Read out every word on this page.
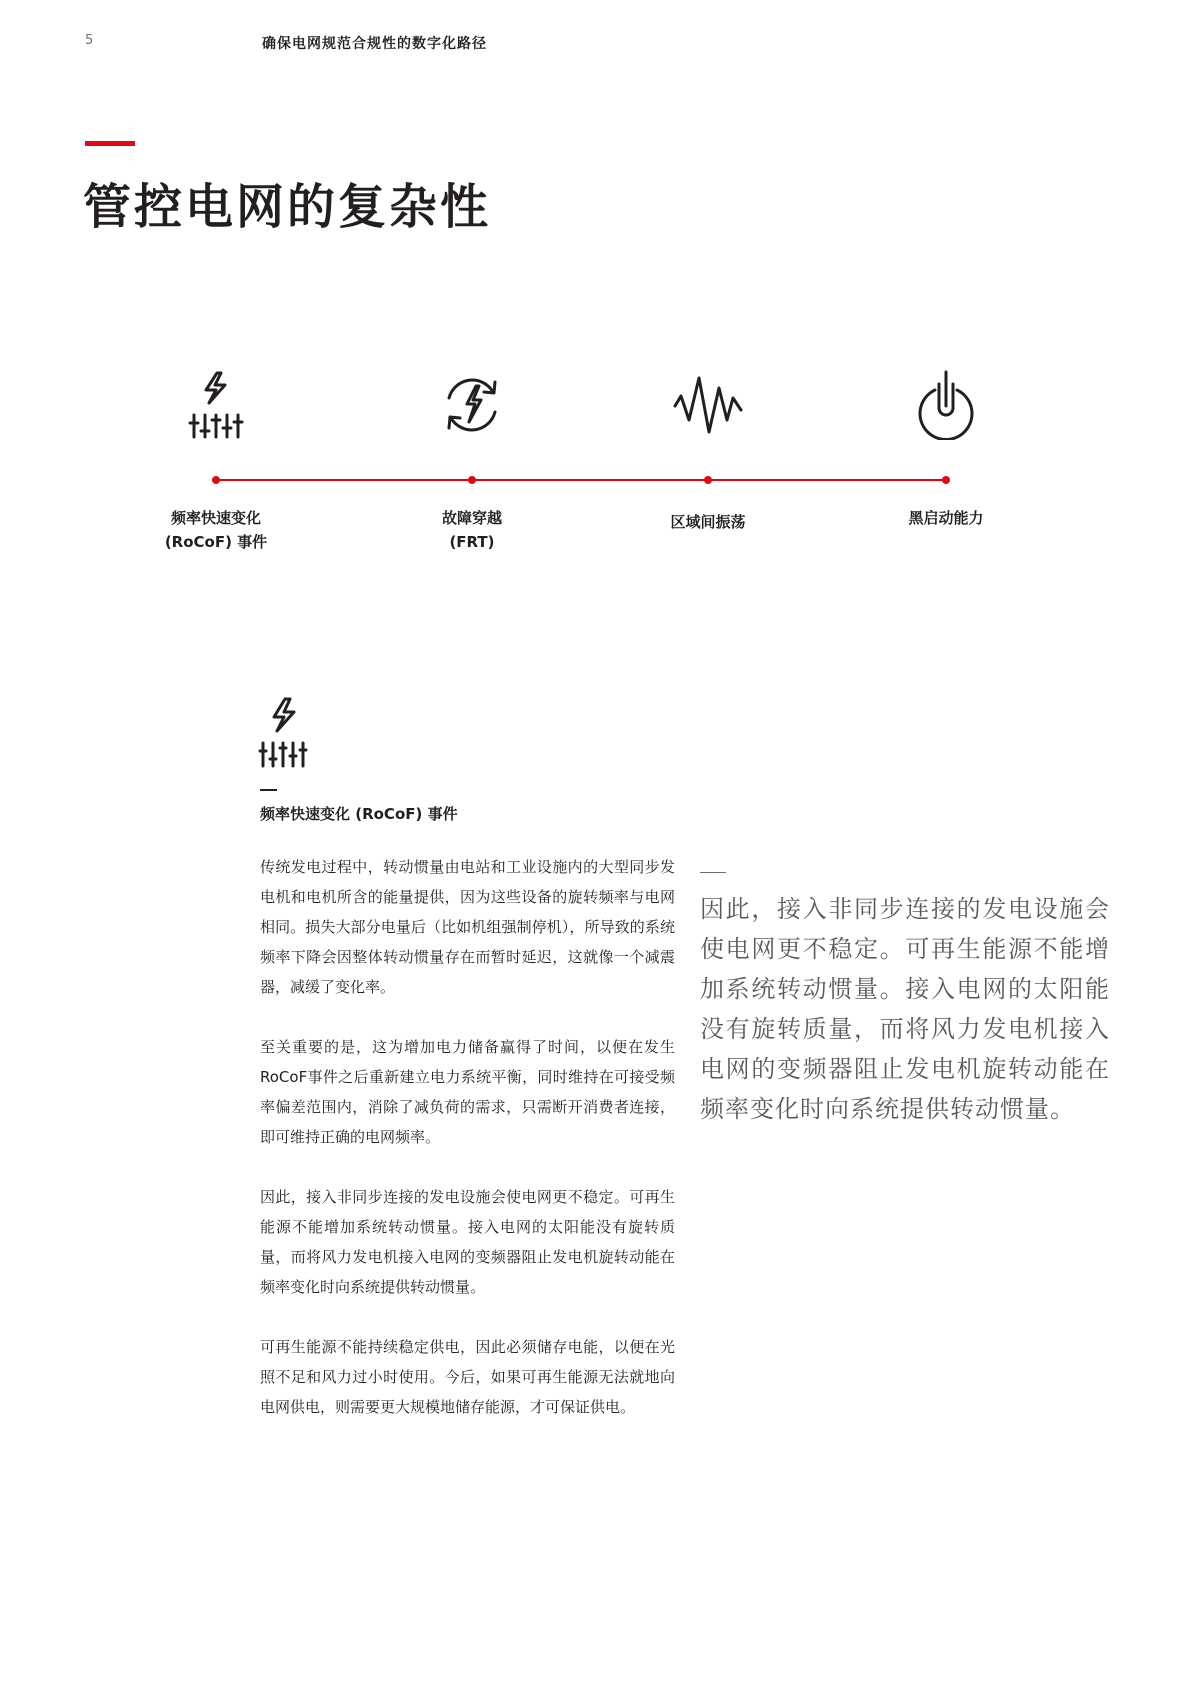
5	确保电网规范合规性的数字化路径
管控电网的复杂性
频率快速变化
(RoCoF) 事件
故障穿越
(FRT)
区域间振荡	黑启动能力
频率快速变化 (RoCoF) 事件

传统发电过程中，转动惯量由电站和工业设施内的大型同步发电机和电机所含的能量提供，因为这些设备的旋转频率与电网相同。损失大部分电量后（比如机组强制停机），所导致的系统频率下降会因整体转动惯量存在而暂时延迟，这就像一个减震器，减缓了变化率。

至关重要的是，这为增加电力储备赢得了时间，以便在发生RoCoF事件之后重新建立电力系统平衡，同时维持在可接受频率偏差范围内，消除了减负荷的需求，只需断开消费者连接，即可维持正确的电网频率。

因此，接入非同步连接的发电设施会使电网更不稳定。可再生能源不能增加系统转动惯量。接入电网的太阳能没有旋转质量，而将风力发电机接入电网的变频器阻止发电机旋转动能在频率变化时向系统提供转动惯量。

可再生能源不能持续稳定供电，因此必须储存电能，以便在光照不足和风力过小时使用。今后，如果可再生能源无法就地向电网供电，则需要更大规模地储存能源，才可保证供电。

因此，接入非同步连接的发电设施会使电网更不稳定。可再生能源不能增加系统转动惯量。接入电网的太阳能没有旋转质量，而将风力发电机接入电网的变频器阻止发电机旋转动能在频率变化时向系统提供转动惯量。
